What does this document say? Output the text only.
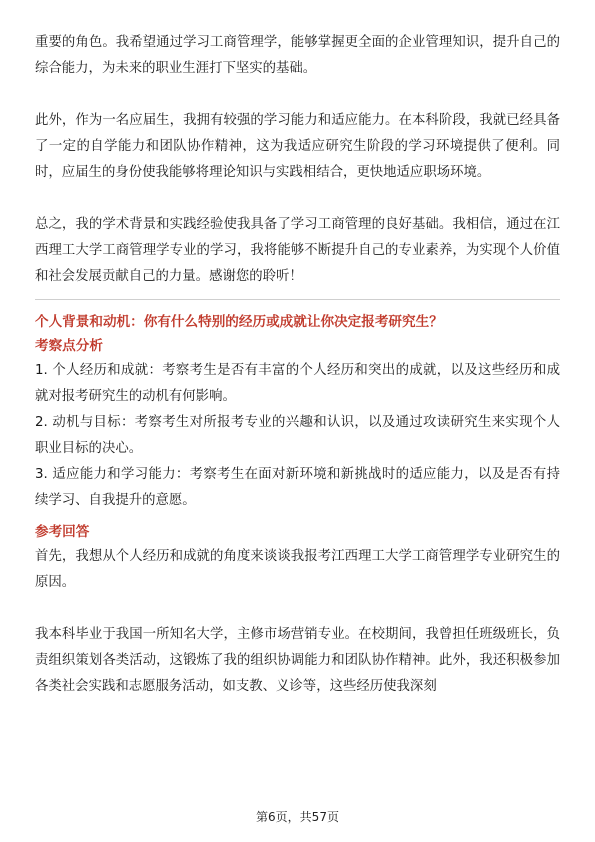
重要的角色。我希望通过学习工商管理学，能够掌握更全面的企业管理知识，提升自己的综合能力，为未来的职业生涯打下坚实的基础。

此外，作为一名应届生，我拥有较强的学习能力和适应能力。在本科阶段，我就已经具备了一定的自学能力和团队协作精神，这为我适应研究生阶段的学习环境提供了便利。同时，应届生的身份使我能够将理论知识与实践相结合，更快地适应职场环境。

总之，我的学术背景和实践经验使我具备了学习工商管理的良好基础。我相信，通过在江西理工大学工商管理学专业的学习，我将能够不断提升自己的专业素养，为实现个人价值和社会发展贡献自己的力量。感谢您的聆听！

个人背景和动机：你有什么特别的经历或成就让你决定报考研究生？
考察点分析
1. 个人经历和成就：考察考生是否有丰富的个人经历和突出的成就，以及这些经历和成就对报考研究生的动机有何影响。
2. 动机与目标：考察考生对所报考专业的兴趣和认识，以及通过攻读研究生来实现个人职业目标的决心。
3. 适应能力和学习能力：考察考生在面对新环境和新挑战时的适应能力，以及是否有持续学习、自我提升的意愿。
参考回答

首先，我想从个人经历和成就的角度来谈谈我报考江西理工大学工商管理学专业研究生的原因。

我本科毕业于我国一所知名大学，主修市场营销专业。在校期间，我曾担任班级班长，负责组织策划各类活动，这锻炼了我的组织协调能力和团队协作精神。此外，我还积极参加各类社会实践和志愿服务活动，如支教、义诊等，这些经历使我深刻

第6页，共57页
